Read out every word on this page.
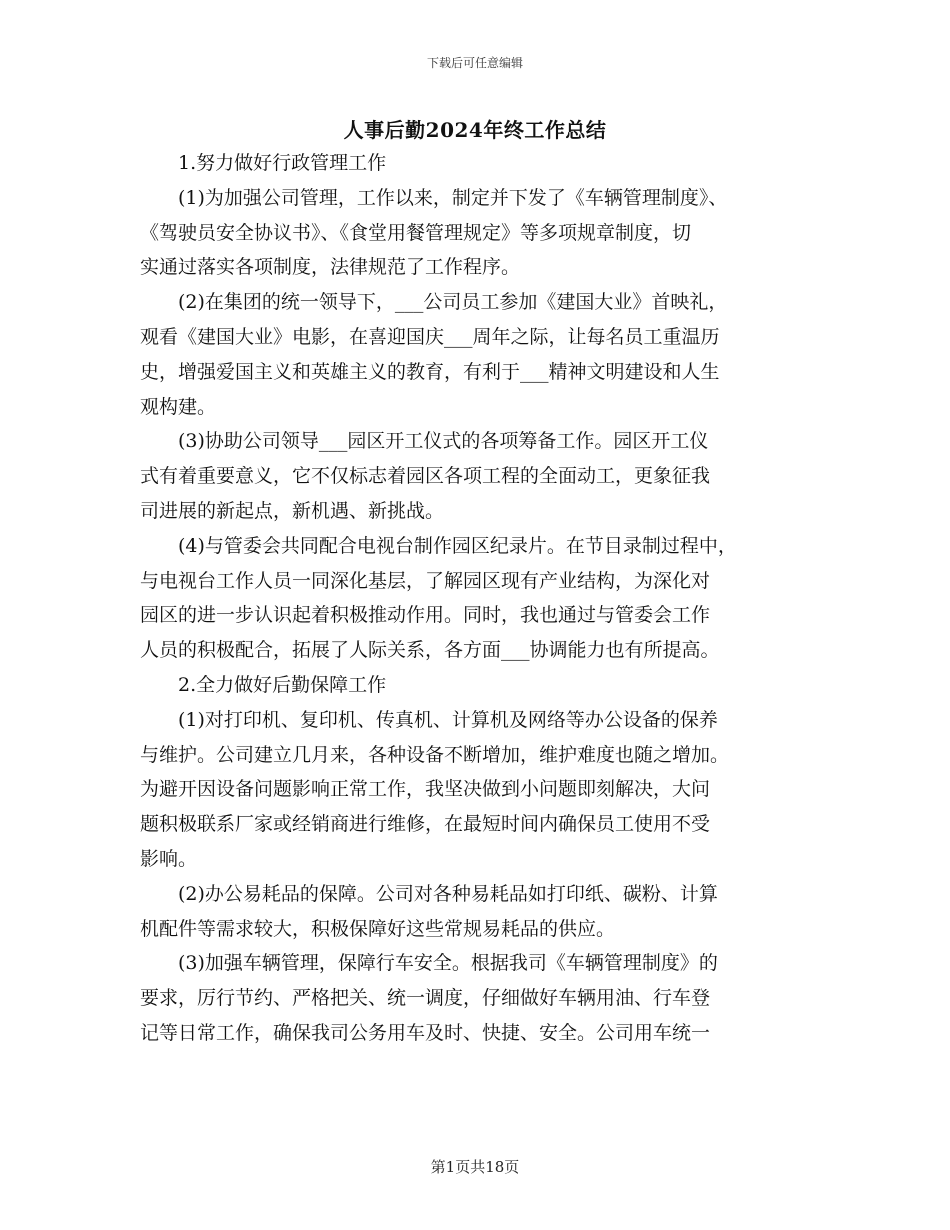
下载后可任意编辑
人事后勤2024年终工作总结
1.努力做好行政管理工作
(1)为加强公司管理，工作以来，制定并下发了《车辆管理制度》、
《驾驶员安全协议书》、《食堂用餐管理规定》等多项规章制度，切
实通过落实各项制度，法律规范了工作程序。
(2)在集团的统一领导下，___公司员工参加《建国大业》首映礼，
观看《建国大业》电影，在喜迎国庆___周年之际，让每名员工重温历
史，增强爱国主义和英雄主义的教育，有利于___精神文明建设和人生
观构建。
(3)协助公司领导___园区开工仪式的各项筹备工作。园区开工仪
式有着重要意义，它不仅标志着园区各项工程的全面动工，更象征我
司进展的新起点，新机遇、新挑战。
(4)与管委会共同配合电视台制作园区纪录片。在节目录制过程中，
与电视台工作人员一同深化基层，了解园区现有产业结构，为深化对
园区的进一步认识起着积极推动作用。同时，我也通过与管委会工作
人员的积极配合，拓展了人际关系，各方面___协调能力也有所提高。
2.全力做好后勤保障工作
(1)对打印机、复印机、传真机、计算机及网络等办公设备的保养
与维护。公司建立几月来，各种设备不断增加，维护难度也随之增加。
为避开因设备问题影响正常工作，我坚决做到小问题即刻解决，大问
题积极联系厂家或经销商进行维修，在最短时间内确保员工使用不受
影响。
(2)办公易耗品的保障。公司对各种易耗品如打印纸、碳粉、计算
机配件等需求较大，积极保障好这些常规易耗品的供应。
(3)加强车辆管理，保障行车安全。根据我司《车辆管理制度》的
要求，厉行节约、严格把关、统一调度，仔细做好车辆用油、行车登
记等日常工作，确保我司公务用车及时、快捷、安全。公司用车统一
第1页共18页
